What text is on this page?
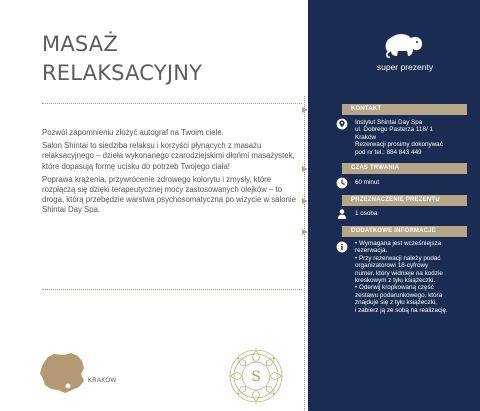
MASAŻ
RELAKSACYJNY

Pozwól zapomnieniu złożyć autograf na Twoim ciele.

Salon Shintai to siedziba relaksu i korzyści płynących z masażu relaksacyjnego – dzieła wykonanego czarodziejskimi dłońmi masażystek, które dopasują formę ucisku do potrzeb Twojego ciała!

Poprawa krążenia, przywrócenie zdrowego kolorytu i zmysły, które rozpłączą się dzięki terapeutycznej mocy zastosowanych olejków – to droga, którą przebędzie warstwa psychosomatyczna po wizycie w salonie Shintai Day Spa.

KRAKÓW	S
super prezenty
KONTAKT
Instytut Shintai Day Spa
ul. Dobrego Pasterza 118/ 1
Kraków
Rezerwacji prosimy dokonywać
pod nr tel.: 884 843 449
CZAS TRWANIA
60 minut
PRZEZNACZENIE PREZENTU
1 osoba
DODATKOWE INFORMACJE
• Wymagana jest wcześniejsza
rezerwacja.
• Przy rezerwacji należy podać
organizatorowi 18-cyfrowy
numer, który widnieje na kodzie
kreskowym z tyłu książeczki.
• Oderwij kropkowaną część
zestawu podarunkowego, która
znajduje się z tyłu książeczki,
i zabierz ją ze sobą na realizację.
